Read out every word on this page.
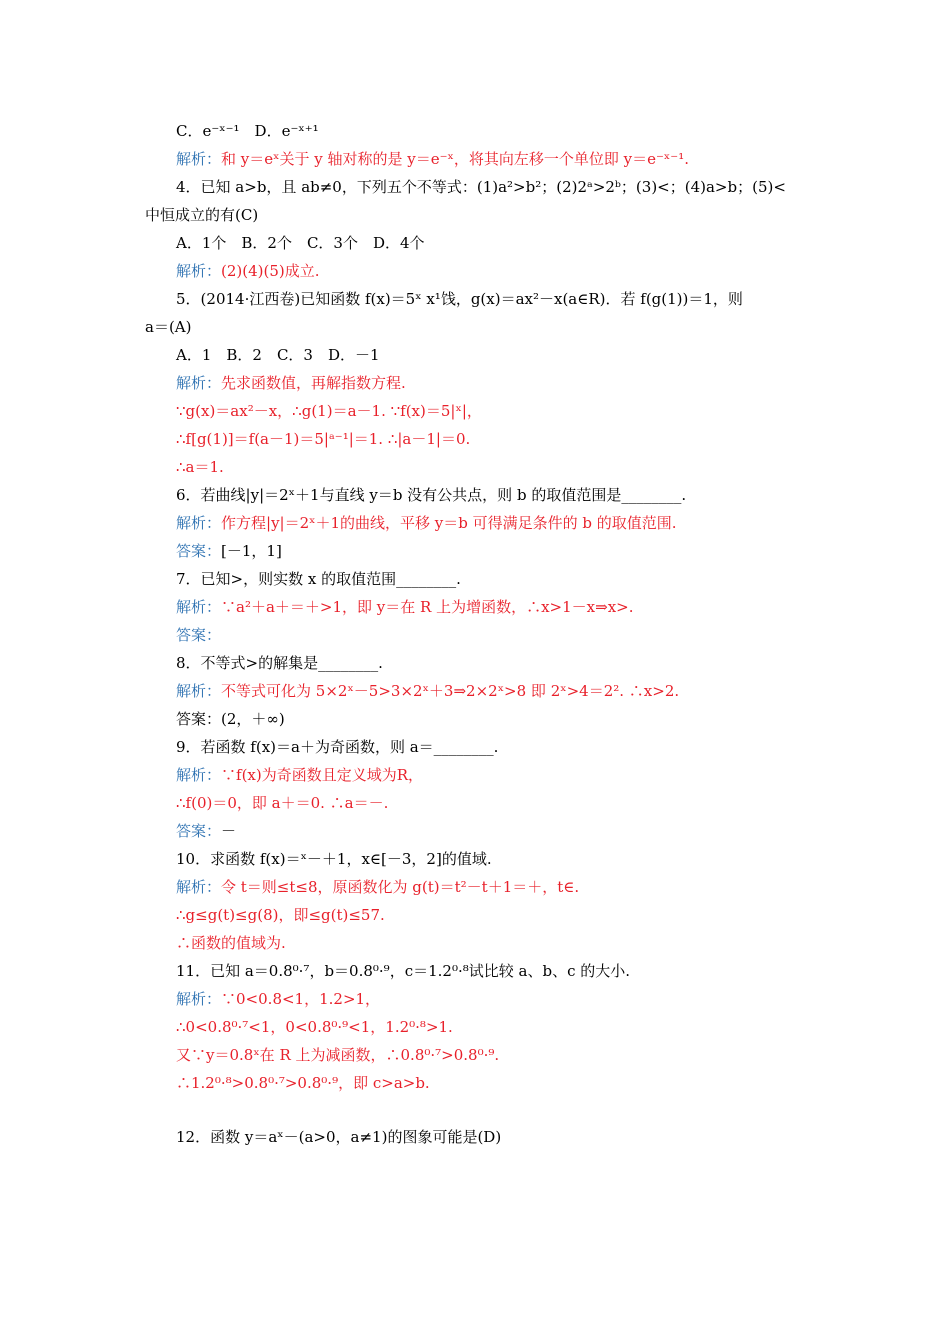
C．e⁻ˣ⁻¹　D．e⁻ˣ⁺¹
解析：和 y＝eˣ关于 y 轴对称的是 y＝e⁻ˣ，将其向左移一个单位即 y＝e⁻ˣ⁻¹.
4．已知 a>b，且 ab≠0，下列五个不等式：(1)a²>b²；(2)2ᵃ>2ᵇ；(3)<；(4)a>b；(5)<
中恒成立的有(C)
A．1个　B．2个　C．3个　D．4个
解析：(2)(4)(5)成立.
5．(2014·江西卷)已知函数 f(x)＝5ˣ x¹饯，g(x)＝ax²－x(a∈R)．若 f(g(1))＝1，则
a＝(A)
A．1　B．2　C．3　D．－1
解析：先求函数值，再解指数方程.
∵g(x)＝ax²－x，∴g(1)＝a－1. ∵f(x)＝5|ˣ|，
∴f[g(1)]＝f(a－1)＝5|ᵃ⁻¹|＝1. ∴|a－1|＝0.
∴a＝1.
6．若曲线|y|＝2ˣ＋1与直线 y＝b 没有公共点，则 b 的取值范围是________.
解析：作方程|y|＝2ˣ＋1的曲线，平移 y＝b 可得满足条件的 b 的取值范围.
答案：[－1，1]
7．已知>，则实数 x 的取值范围________.
解析：∵a²＋a＋＝＋>1，即 y＝在 R 上为增函数，∴x>1－x⇒x>.
答案：
8．不等式>的解集是________.
解析：不等式可化为 5×2ˣ－5>3×2ˣ＋3⇒2×2ˣ>8 即 2ˣ>4＝2². ∴x>2.
答案：(2，＋∞)
9．若函数 f(x)＝a＋为奇函数，则 a＝________.
解析：∵f(x)为奇函数且定义域为R，
∴f(0)＝0，即 a＋＝0. ∴a＝－.
答案：－
10．求函数 f(x)＝ˣ－＋1，x∈[－3，2]的值域.
解析：令 t＝则≤t≤8，原函数化为 g(t)＝t²－t＋1＝＋，t∈.
∴g≤g(t)≤g(8)，即≤g(t)≤57.
∴函数的值域为.
11．已知 a＝0.8⁰·⁷，b＝0.8⁰·⁹，c＝1.2⁰·⁸试比较 a、b、c 的大小.
解析：∵0<0.8<1，1.2>1，
∴0<0.8⁰·⁷<1，0<0.8⁰·⁹<1，1.2⁰·⁸>1.
又∵y＝0.8ˣ在 R 上为减函数，∴0.8⁰·⁷>0.8⁰·⁹.
∴1.2⁰·⁸>0.8⁰·⁷>0.8⁰·⁹，即 c>a>b.
12．函数 y＝aˣ－(a>0，a≠1)的图象可能是(D)
